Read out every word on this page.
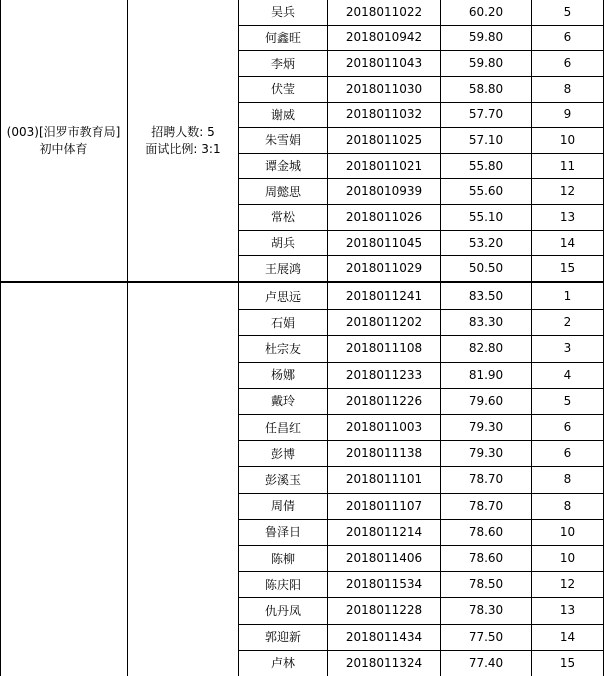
(003)[汨罗市教育局]
初中体育
招聘人数: 5
面试比例: 3:1
吴兵	2018011022	60.20	5
何鑫旺	2018010942	59.80	6
李炳	2018011043	59.80	6
伏莹	2018011030	58.80	8
谢威	2018011032	57.70	9
朱雪娟	2018011025	57.10	10
谭金城	2018011021	55.80	11
周懿思	2018010939	55.60	12
常松	2018011026	55.10	13
胡兵	2018011045	53.20	14
王展鸿	2018011029	50.50	15
卢思远	2018011241	83.50	1
石娟	2018011202	83.30	2
杜宗友	2018011108	82.80	3
杨娜	2018011233	81.90	4
戴玲	2018011226	79.60	5
任昌红	2018011003	79.30	6
彭博	2018011138	79.30	6
彭溪玉	2018011101	78.70	8
周倩	2018011107	78.70	8
鲁泽日	2018011214	78.60	10
陈柳	2018011406	78.60	10
陈庆阳	2018011534	78.50	12
仇丹凤	2018011228	78.30	13
郭迎新	2018011434	77.50	14
卢林	2018011324	77.40	15
